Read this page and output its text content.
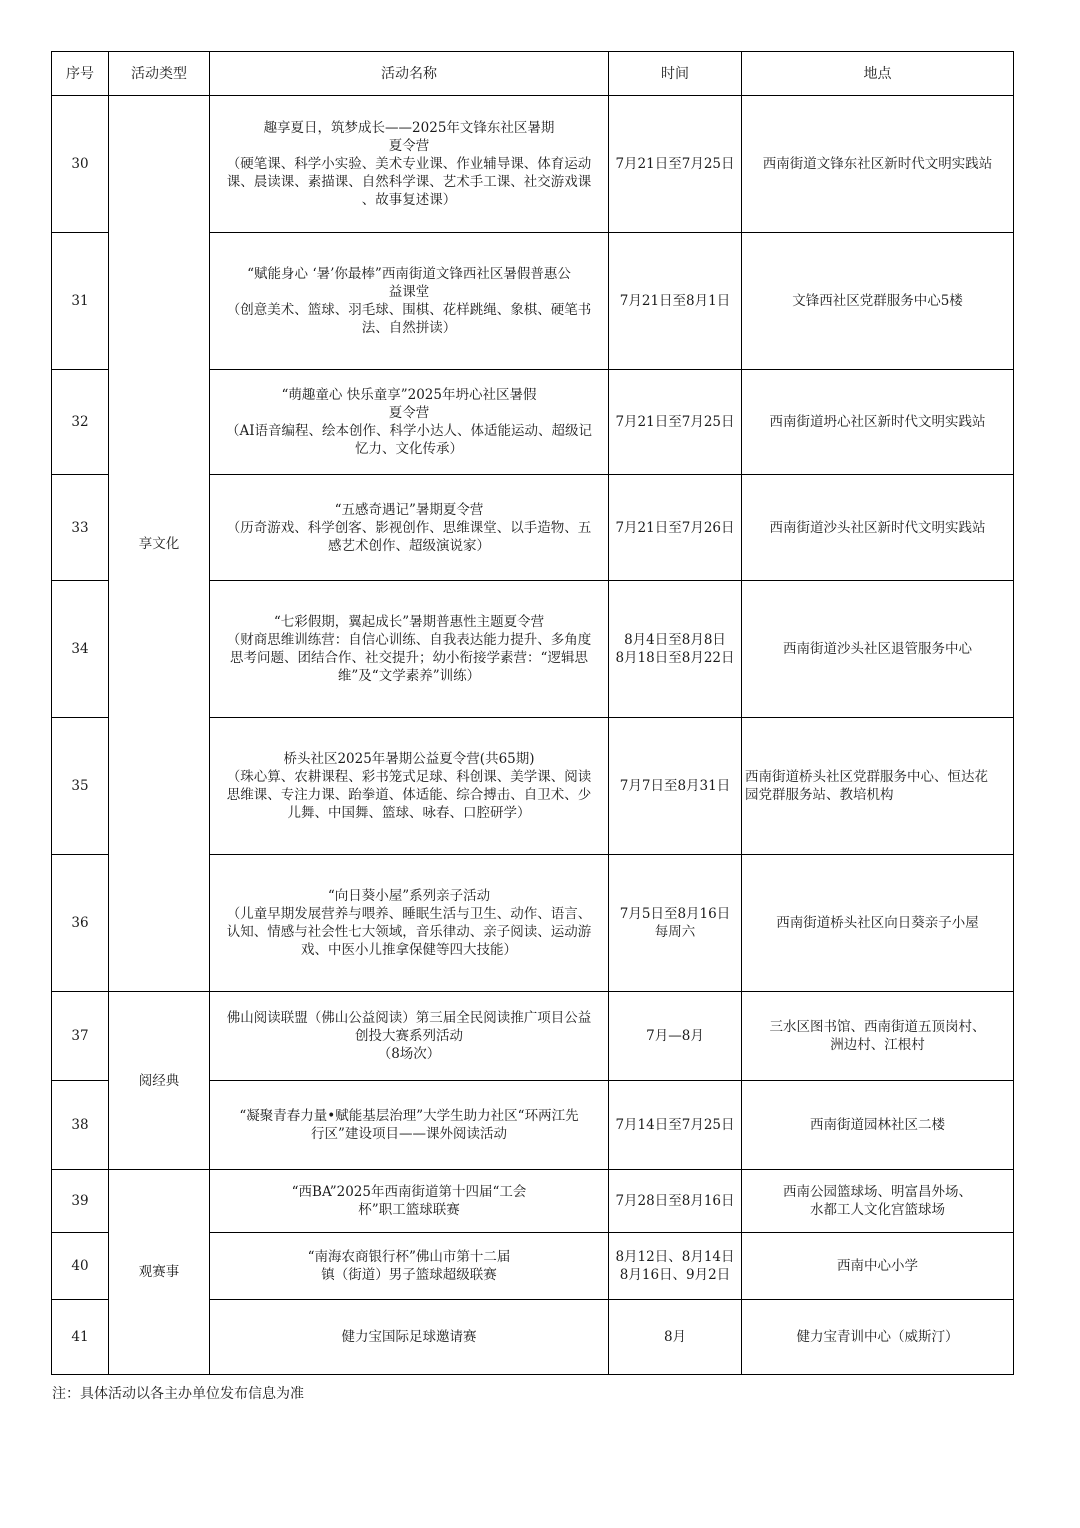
序号	活动类型	活动名称	时间	地点
30	享文化	趣享夏日，筑梦成长——2025年文锋东社区暑期
夏令营
（硬笔课、科学小实验、美术专业课、作业辅导课、体育运动
课、晨读课、素描课、自然科学课、艺术手工课、社交游戏课
、故事复述课）	7月21日至7月25日	西南街道文锋东社区新时代文明实践站

31		“赋能身心 ‘暑’你最棒”西南街道文锋西社区暑假普惠公
益课堂
（创意美术、篮球、羽毛球、围棋、花样跳绳、象棋、硬笔书
法、自然拼读）	7月21日至8月1日	文锋西社区党群服务中心5楼

32		“萌趣童心 快乐童享”2025年坍心社区暑假
夏令营
（AI语音编程、绘本创作、科学小达人、体适能运动、超级记
忆力、文化传承）	7月21日至7月25日	西南街道坍心社区新时代文明实践站

33		“五感奇遇记”暑期夏令营
（历奇游戏、科学创客、影视创作、思维课堂、以手造物、五
感艺术创作、超级演说家）	7月21日至7月26日	西南街道沙头社区新时代文明实践站

34		“七彩假期，翼起成长”暑期普惠性主题夏令营
（财商思维训练营：自信心训练、自我表达能力提升、多角度
思考问题、团结合作、社交提升；幼小衔接学素营：“逻辑思
维”及“文学素养”训练）	8月4日至8月8日
8月18日至8月22日	西南街道沙头社区退管服务中心

35		桥头社区2025年暑期公益夏令营(共65期)
（珠心算、农耕课程、彩书笼式足球、科创课、美学课、阅读
思维课、专注力课、跆拳道、体适能、综合搏击、自卫术、少
儿舞、中国舞、篮球、咏春、口腔研学）	7月7日至8月31日	西南街道桥头社区党群服务中心、恒达花
园党群服务站、教培机构

36		“向日葵小屋”系列亲子活动
（儿童早期发展营养与喂养、睡眠生活与卫生、动作、语言、
认知、情感与社会性七大领域，音乐律动、亲子阅读、运动游
戏、中医小儿推拿保健等四大技能）	7月5日至8月16日
每周六	西南街道桥头社区向日葵亲子小屋

37	阅经典	佛山阅读联盟（佛山公益阅读）第三届全民阅读推广项目公益
创投大赛系列活动
（8场次）	7月—8月	三水区图书馆、西南街道五顶岗村、
洲边村、江根村

38		“凝聚青春力量•赋能基层治理”大学生助力社区“环两江先
行区”建设项目——课外阅读活动	7月14日至7月25日	西南街道园林社区二楼

39	观赛事	“西BA”2025年西南街道第十四届“工会
杯”职工篮球联赛	7月28日至8月16日	西南公园篮球场、明富昌外场、
水都工人文化宫篮球场

40		“南海农商银行杯”佛山市第十二届
镇（街道）男子篮球超级联赛	8月12日、8月14日
8月16日、9月2日	西南中心小学

41		健力宝国际足球邀请赛	8月	健力宝青训中心（威斯汀）
注：具体活动以各主办单位发布信息为准
